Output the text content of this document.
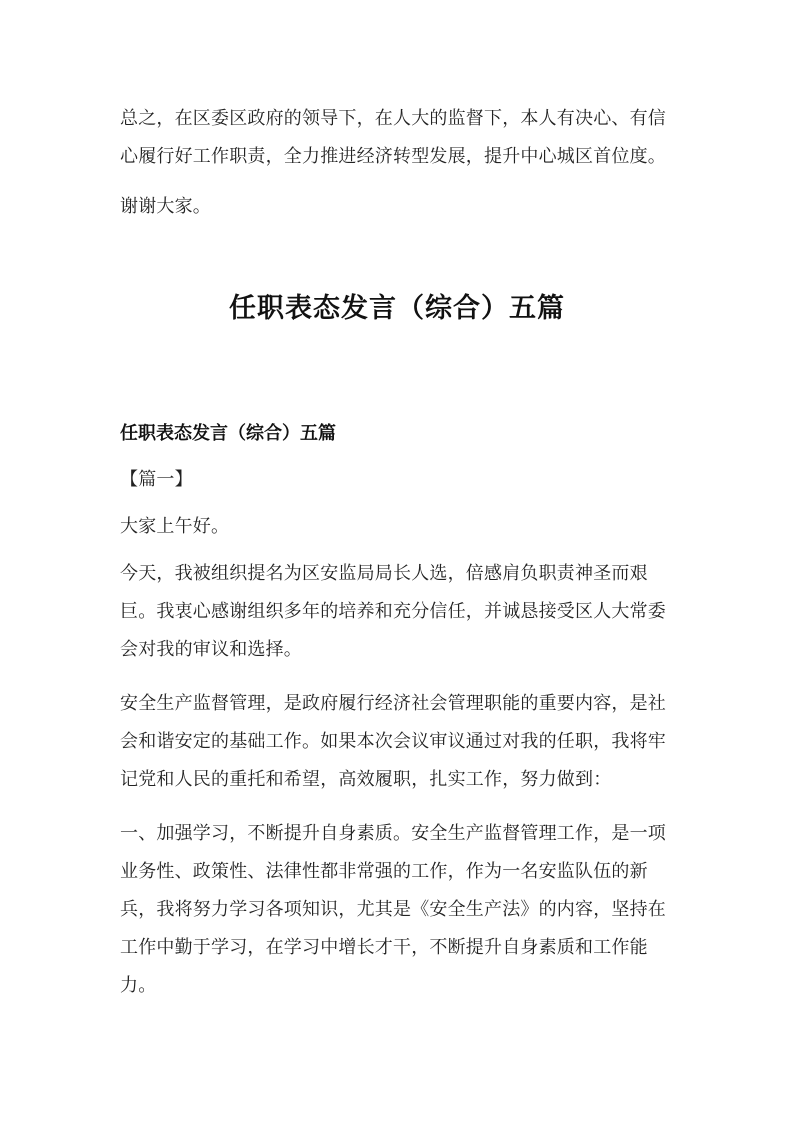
总之，在区委区政府的领导下，在人大的监督下，本人有决心、有信心履行好工作职责，全力推进经济转型发展，提升中心城区首位度。

谢谢大家。

任职表态发言（综合）五篇
任职表态发言（综合）五篇

【篇一】

大家上午好。

今天，我被组织提名为区安监局局长人选，倍感肩负职责神圣而艰巨。我衷心感谢组织多年的培养和充分信任，并诚恳接受区人大常委会对我的审议和选择。

安全生产监督管理，是政府履行经济社会管理职能的重要内容，是社会和谐安定的基础工作。如果本次会议审议通过对我的任职，我将牢记党和人民的重托和希望，高效履职，扎实工作，努力做到：

一、加强学习，不断提升自身素质。安全生产监督管理工作，是一项业务性、政策性、法律性都非常强的工作，作为一名安监队伍的新兵，我将努力学习各项知识，尤其是《安全生产法》的内容，坚持在工作中勤于学习，在学习中增长才干，不断提升自身素质和工作能力。
